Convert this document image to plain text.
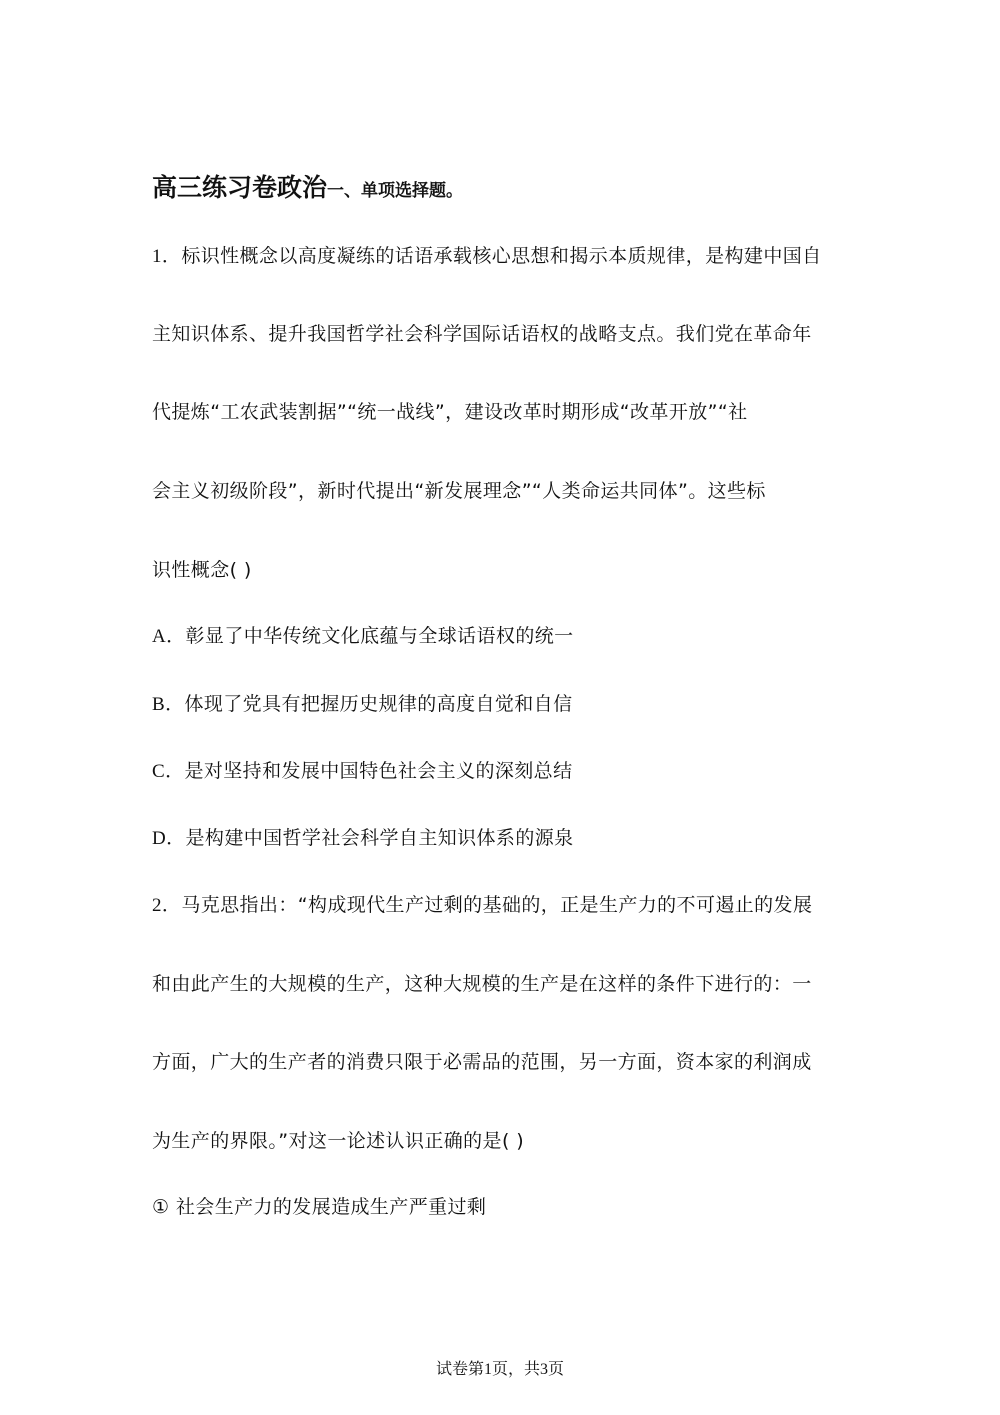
高三练习卷政治一、单项选择题。
1．标识性概念以高度凝练的话语承载核心思想和揭示本质规律，是构建中国自
主知识体系、提升我国哲学社会科学国际话语权的战略支点。我们党在革命年
代提炼“工农武装割据”“统一战线”，建设改革时期形成“改革开放”“社
会主义初级阶段”，新时代提出“新发展理念”“人类命运共同体”。这些标
识性概念( )
A．彰显了中华传统文化底蕴与全球话语权的统一
B．体现了党具有把握历史规律的高度自觉和自信
C．是对坚持和发展中国特色社会主义的深刻总结
D．是构建中国哲学社会科学自主知识体系的源泉
2．马克思指出：“构成现代生产过剩的基础的，正是生产力的不可遏止的发展
和由此产生的大规模的生产，这种大规模的生产是在这样的条件下进行的：一
方面，广大的生产者的消费只限于必需品的范围，另一方面，资本家的利润成
为生产的界限。”对这一论述认识正确的是( )
① 社会生产力的发展造成生产严重过剩
试卷第1页，共3页
